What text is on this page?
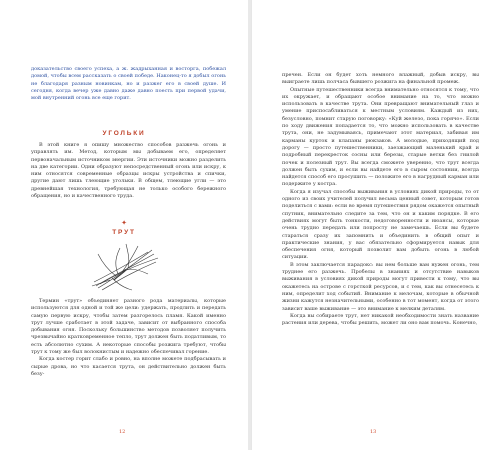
доказательство своего успеха, а ж. жадрыханная и восторга, побежал домой, чтобы всем рассказать о своей победе. Наконец-то я добыл огонь не благодаря разным новинкам, но и разжег его в своей душе. И сегодня, когда вечер уже давно даже давно поесть при первой удачи, мой внутренний огонь все еще горит.

УГОЛЬКИ

В этой книге я опишу множество способов разжечь огонь и управлять им. Метод, которым мы добываем его, определяет первоначальным источником энергии. Эти источники можно разделить на две категории. Одни образуют непосредственный огонь или искру, к ним относятся современные образцы искры устройства и спички, другие дают лишь тлеющие угольки. В общем, тлеющие угли — это древнейшая технология, требующая не только особого бережного обращения, но и качественного труда.

✦
ТРУТ

Термин «трут» объединяет разного рода материалы, которые используются для одной и той же цели: удержать, продлить и передать самую первую искру, чтобы затем разгорелось пламя. Какой именно трут лучше сработает в этой задаче, зависит от выбранного способа добывания огня. Поскольку большинство методов позволяет получить чрезвычайно кратковременное тепло, трут должен быть податливым, то есть абсолютно сухим. А некоторые способы розжига требуют, чтобы трут к тому же был волокнистым и надежно обеспечивал горение.

Когда костер горит слабо и ровно, на вполне можете подбрасывать и сырые дрова, но что касается трута, он действительно должен быть безу-

12

пречен. Если он будет хоть немного влажный, добыв искру, вы выиграете лишь полчаса бывшего розжига на финальной промеж.

Опытные путешественники всегда внимательно относятся к тому, что их окружает, и обращают особое внимание на то, что можно использовать в качестве трута. Они превращают внимательный глаз и умение приспосабливаться к местным условиям. Каждый из них, безусловно, помнит старую поговорку: «Куй железо, пока горячо». Если по ходу движения попадается то, что можно использовать в качестве трута, они, не задумываясь, примечают этот материал, забивая им карманы курток и клапаны рюкзаков. А молодые, приходящий под дорогу — просто путешественники, заезжающий маленький край и подробный перекресток сосны или березы, старые ветки без гнилой почек и полезный трут. Вы всегда сможете уверенно, что трут всегда должен быть сухим, и если вы найдете его в сыром состоянии, всегда найдется способ его просушить — положите его в нагрудный карман или подержите у костра.

Когда я изучал способы выживания в условиях дикой природы, то от одного из своих учителей получил весьма ценный совет, которым готов поделиться с вами: если во время путешествия рядом окажется опытный спутник, внимательно следите за тем, что он и каким порядке. В его действиях могут быть тонкости, недоговоренности и нюансы, которые очень трудно передать или попросту не замечаешь. Если вы будете стараться сразу их запомнить и объединить в общий опыт и практические знания, у вас обязательно сформируется навык для обеспечения огня, который позволит вам добыть огонь в любой ситуации.

В этом заключается парадокс: вы нем больше вам нужен огонь, тем труднее его разжечь. Пробелы в знаниях и отсутствие навыков выживания в условиях дикой природы могут привести к тому, что вы окажетесь на острове с горсткой ресурсов, и с тем, как вы отнесетесь к ним, определит ход событий. Внимание к мелочам, которые в обычной жизни кажутся незначительными, особенно в тот момент, когда от этого зависит ваше выживание — это внимание к мелким деталям.

Когда вы собираете трут, нет никакой необходимости знать название растения или дерева, чтобы решить, может ли оно вам помочь. Конечно,

13
